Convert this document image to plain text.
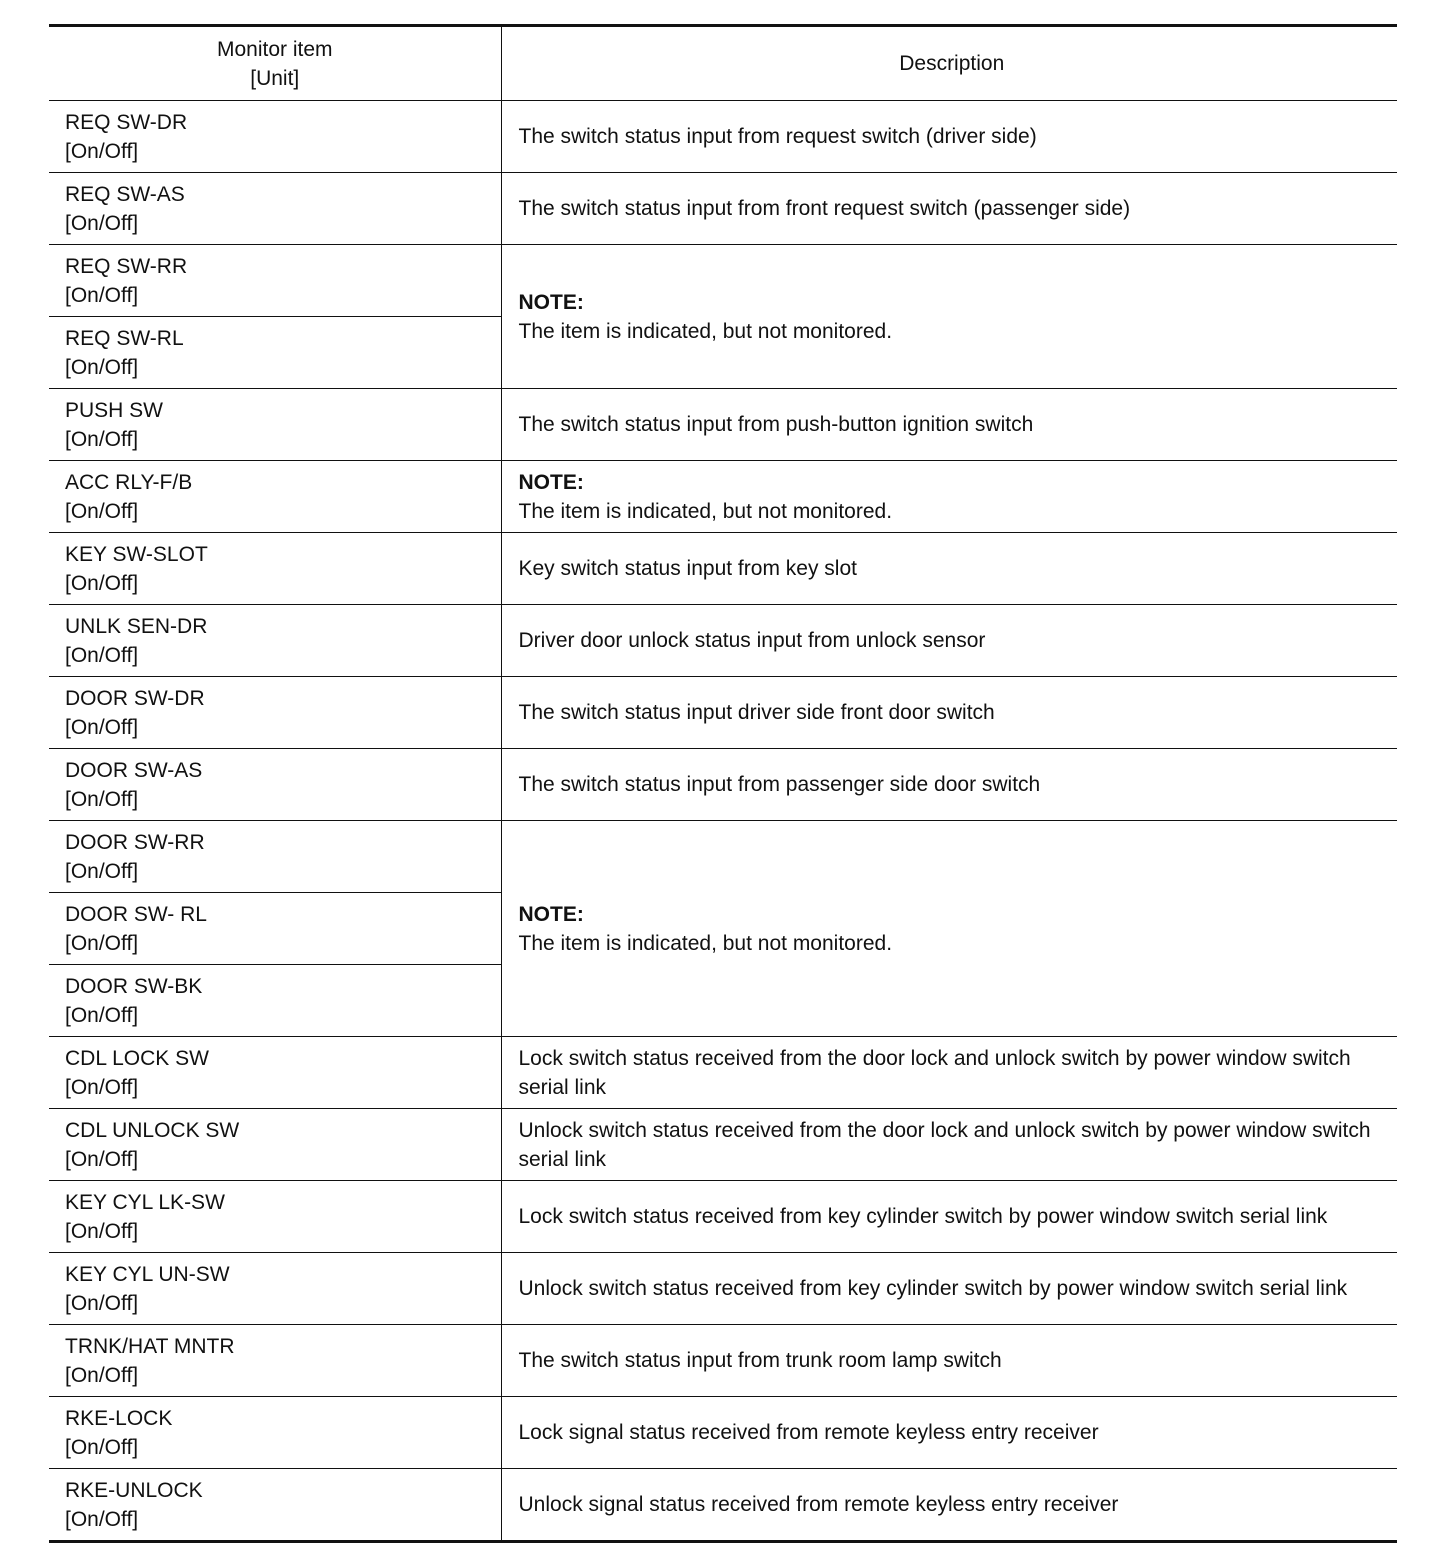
Monitor item
[Unit]	Description

REQ SW-DR
[On/Off]	The switch status input from request switch (driver side)

REQ SW-AS
[On/Off]	The switch status input from front request switch (passenger side)

REQ SW-RR
[On/Off]	NOTE:
The item is indicated, but not monitored.

REQ SW-RL
[On/Off]	

PUSH SW
[On/Off]	The switch status input from push-button ignition switch

ACC RLY-F/B
[On/Off]	NOTE:
The item is indicated, but not monitored.

KEY SW-SLOT
[On/Off]	Key switch status input from key slot

UNLK SEN-DR
[On/Off]	Driver door unlock status input from unlock sensor

DOOR SW-DR
[On/Off]	The switch status input driver side front door switch

DOOR SW-AS
[On/Off]	The switch status input from passenger side door switch

DOOR SW-RR
[On/Off]	NOTE:
The item is indicated, but not monitored.

DOOR SW- RL
[On/Off]	

DOOR SW-BK
[On/Off]	

CDL LOCK SW
[On/Off]	Lock switch status received from the door lock and unlock switch by power window switch serial link

CDL UNLOCK SW
[On/Off]	Unlock switch status received from the door lock and unlock switch by power window switch serial link

KEY CYL LK-SW
[On/Off]	Lock switch status received from key cylinder switch by power window switch serial link

KEY CYL UN-SW
[On/Off]	Unlock switch status received from key cylinder switch by power window switch serial link

TRNK/HAT MNTR
[On/Off]	The switch status input from trunk room lamp switch

RKE-LOCK
[On/Off]	Lock signal status received from remote keyless entry receiver

RKE-UNLOCK
[On/Off]	Unlock signal status received from remote keyless entry receiver
